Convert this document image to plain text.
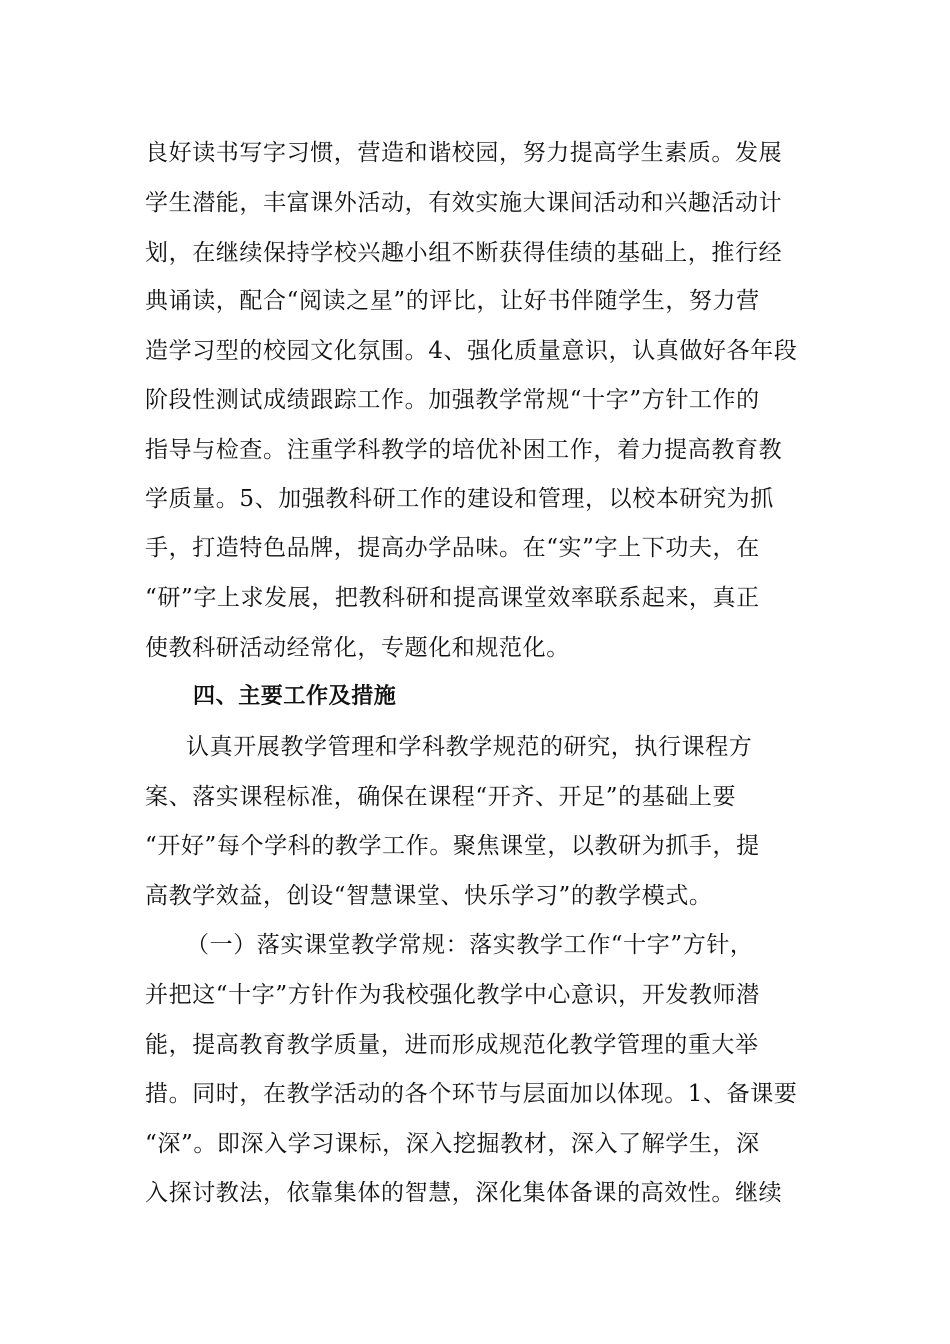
良好读书写字习惯，营造和谐校园，努力提高学生素质。发展
学生潜能，丰富课外活动，有效实施大课间活动和兴趣活动计
划，在继续保持学校兴趣小组不断获得佳绩的基础上，推行经
典诵读，配合“阅读之星”的评比，让好书伴随学生，努力营
造学习型的校园文化氛围。4、强化质量意识，认真做好各年段
阶段性测试成绩跟踪工作。加强教学常规“十字”方针工作的
指导与检查。注重学科教学的培优补困工作，着力提高教育教
学质量。5、加强教科研工作的建设和管理，以校本研究为抓
手，打造特色品牌，提高办学品味。在“实”字上下功夫，在
“研”字上求发展，把教科研和提高课堂效率联系起来，真正
使教科研活动经常化，专题化和规范化。
四、主要工作及措施
认真开展教学管理和学科教学规范的研究，执行课程方
案、落实课程标准，确保在课程“开齐、开足”的基础上要
“开好”每个学科的教学工作。聚焦课堂，以教研为抓手，提
高教学效益，创设“智慧课堂、快乐学习”的教学模式。
（一）落实课堂教学常规：落实教学工作“十字”方针，
并把这“十字”方针作为我校强化教学中心意识，开发教师潜
能，提高教育教学质量，进而形成规范化教学管理的重大举
措。同时，在教学活动的各个环节与层面加以体现。1、备课要
“深”。即深入学习课标，深入挖掘教材，深入了解学生，深
入探讨教法，依靠集体的智慧，深化集体备课的高效性。继续
